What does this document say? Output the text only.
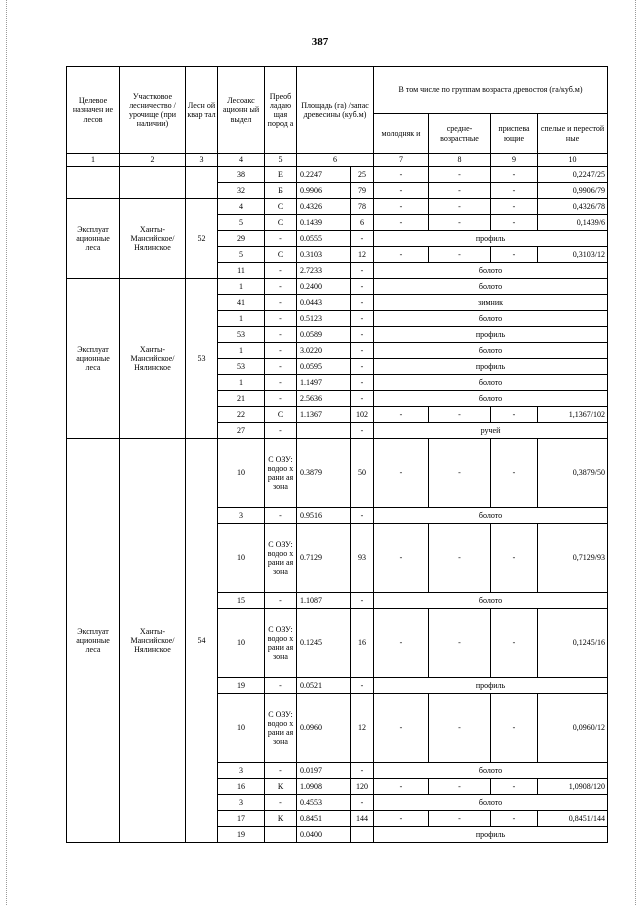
387
Целевое назначен ие лесов	Участковое лесничество /урочище (при наличии)	Лесн ой квар тал	Лесоакс ационн ый выдел	Преоб ладаю щая пород а	Площадь (га) /запас древесины (куб.м)		В том числе по группам возраста древостоя (га/куб.м)			
							молодняк и	средне-возрастные	приспева ющие	спелые и перестой ные
1	2	3	4	5	6		7	8	9	10
			38	Е	0.2247	25	-	-	-	0,2247/25
			32	Б	0.9906	79	-	-	-	0,9906/79
Эксплуат ационные леса	Ханты-Мансийское/ Нялинское	52	4	С	0.4326	78	-	-	-	0,4326/78
			5	С	0.1439	6	-	-	-	0,1439/6
			29	-	0.0555	-	профиль			
			5	С	0.3103	12	-	-	-	0,3103/12
			11	-	2.7233	-	болото			
Эксплуат ационные леса	Ханты-Мансийское/ Нялинское	53	1	-	0.2400	-	болото			
			41	-	0.0443	-	зимник			
			1	-	0.5123	-	болото			
			53	-	0.0589	-	профиль			
			1	-	3.0220	-	болото			
			53	-	0.0595	-	профиль			
			1	-	1.1497	-	болото			
			21	-	2.5636	-	болото			
			22	С	1.1367	102	-	-	-	1,1367/102
			27	-		-	ручей			
Эксплуат ационные леса	Ханты-Мансийское/ Нялинское	54	10	С ОЗУ: водоо храни ая зона	0.3879	50	-	-	-	0,3879/50
			3	-	0.9516	-	болото			
			10	С ОЗУ: водоо храни ая зона	0.7129	93	-	-	-	0,7129/93
			15	-	1.1087	-	болото			
			10	С ОЗУ: водоо храни ая зона	0.1245	16	-	-	-	0,1245/16
			19	-	0.0521	-	профиль			
			10	С ОЗУ: водоо храни ая зона	0.0960	12	-	-	-	0,0960/12
			3	-	0.0197	-	болото			
			16	К	1.0908	120	-	-	-	1,0908/120
			3	-	0.4553	-	болото			
			17	К	0.8451	144	-	-	-	0,8451/144
			19		0.0400		профиль			
